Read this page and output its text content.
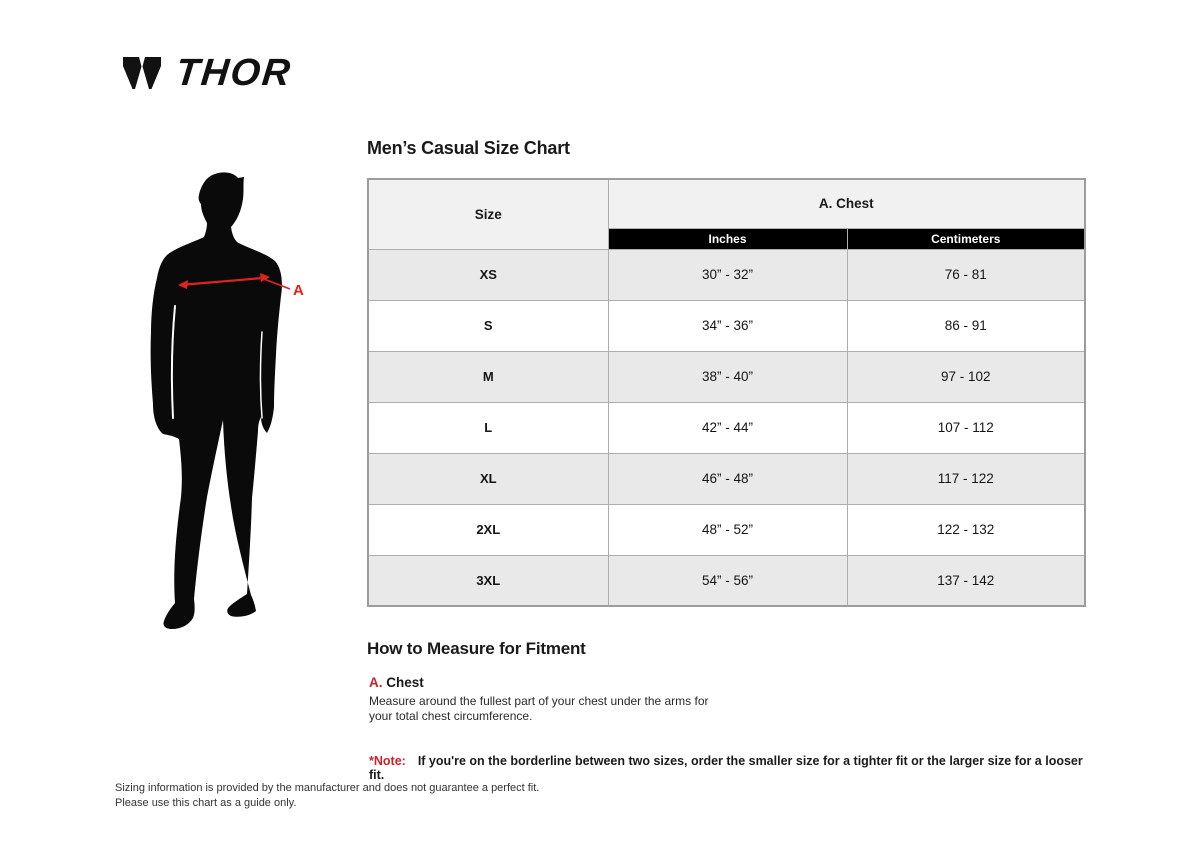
THOR
A
Men’s Casual Size Chart
Size	A. Chest	
	Inches	Centimeters
XS	30” - 32”	76 - 81
S	34” - 36”	86 - 91
M	38” - 40”	97 - 102
L	42” - 44”	107 - 112
XL	46” - 48”	117 - 122
2XL	48” - 52”	122 - 132
3XL	54” - 56”	137 - 142
How to Measure for Fitment
A. Chest
Measure around the fullest part of your chest under the arms for your total chest circumference.
*Note: If you're on the borderline between two sizes, order the smaller size for a tighter fit or the larger size for a looser fit.
Sizing information is provided by the manufacturer and does not guarantee a perfect fit.
Please use this chart as a guide only.
